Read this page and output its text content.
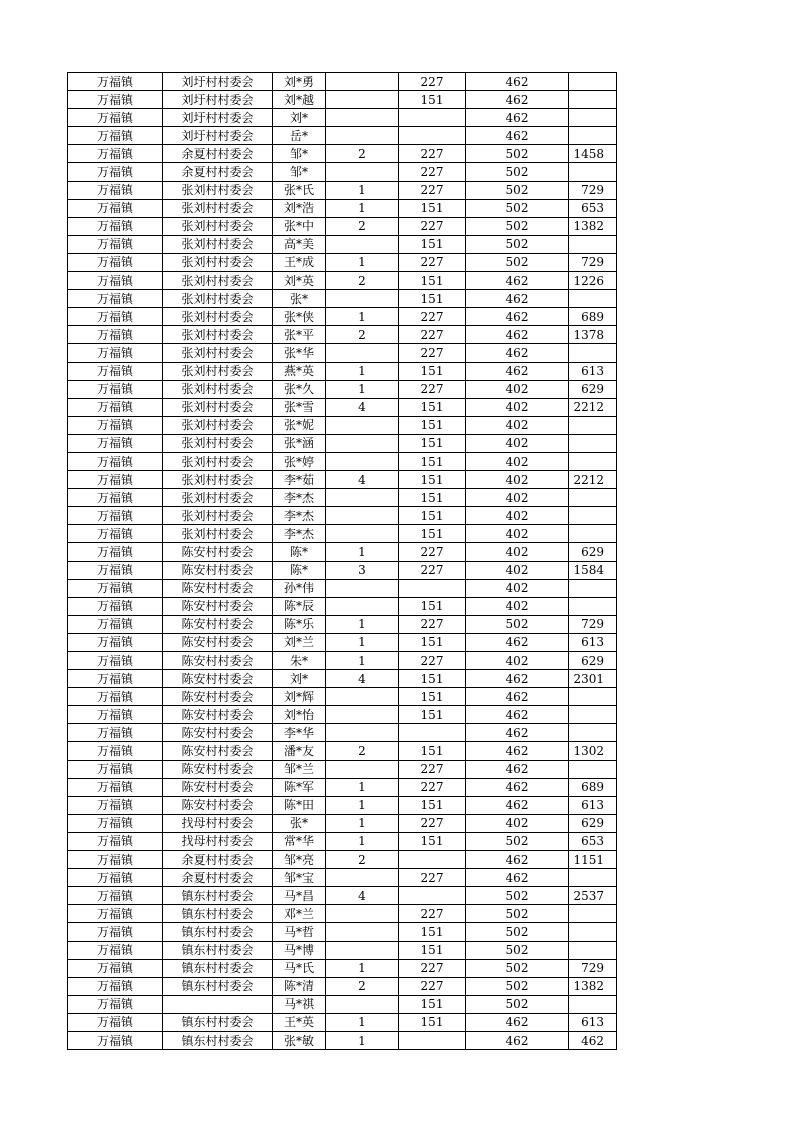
万福镇	刘圩村村委会	刘*勇		227	462	
万福镇	刘圩村村委会	刘*越		151	462	
万福镇	刘圩村村委会	刘*			462	
万福镇	刘圩村村委会	岳*			462	
万福镇	余夏村村委会	邹*	2	227	502	1458
万福镇	余夏村村委会	邹*		227	502	
万福镇	张刘村村委会	张*氏	1	227	502	729
万福镇	张刘村村委会	刘*浩	1	151	502	653
万福镇	张刘村村委会	张*中	2	227	502	1382
万福镇	张刘村村委会	高*美		151	502	
万福镇	张刘村村委会	王*成	1	227	502	729
万福镇	张刘村村委会	刘*英	2	151	462	1226
万福镇	张刘村村委会	张*		151	462	
万福镇	张刘村村委会	张*侠	1	227	462	689
万福镇	张刘村村委会	张*平	2	227	462	1378
万福镇	张刘村村委会	张*华		227	462	
万福镇	张刘村村委会	燕*英	1	151	462	613
万福镇	张刘村村委会	张*久	1	227	402	629
万福镇	张刘村村委会	张*雪	4	151	402	2212
万福镇	张刘村村委会	张*妮		151	402	
万福镇	张刘村村委会	张*涵		151	402	
万福镇	张刘村村委会	张*婷		151	402	
万福镇	张刘村村委会	李*茹	4	151	402	2212
万福镇	张刘村村委会	李*杰		151	402	
万福镇	张刘村村委会	李*杰		151	402	
万福镇	张刘村村委会	李*杰		151	402	
万福镇	陈安村村委会	陈*	1	227	402	629
万福镇	陈安村村委会	陈*	3	227	402	1584
万福镇	陈安村村委会	孙*伟			402	
万福镇	陈安村村委会	陈*辰		151	402	
万福镇	陈安村村委会	陈*乐	1	227	502	729
万福镇	陈安村村委会	刘*兰	1	151	462	613
万福镇	陈安村村委会	朱*	1	227	402	629
万福镇	陈安村村委会	刘*	4	151	462	2301
万福镇	陈安村村委会	刘*辉		151	462	
万福镇	陈安村村委会	刘*怡		151	462	
万福镇	陈安村村委会	李*华			462	
万福镇	陈安村村委会	潘*友	2	151	462	1302
万福镇	陈安村村委会	邹*兰		227	462	
万福镇	陈安村村委会	陈*军	1	227	462	689
万福镇	陈安村村委会	陈*田	1	151	462	613
万福镇	找母村村委会	张*	1	227	402	629
万福镇	找母村村委会	常*华	1	151	502	653
万福镇	余夏村村委会	邹*亮	2		462	1151
万福镇	余夏村村委会	邹*宝		227	462	
万福镇	镇东村村委会	马*昌	4		502	2537
万福镇	镇东村村委会	邓*兰		227	502	
万福镇	镇东村村委会	马*哲		151	502	
万福镇	镇东村村委会	马*博		151	502	
万福镇	镇东村村委会	马*氏	1	227	502	729
万福镇	镇东村村委会	陈*清	2	227	502	1382
万福镇		马*祺		151	502	
万福镇	镇东村村委会	王*英	1	151	462	613
万福镇	镇东村村委会	张*敏	1		462	462
